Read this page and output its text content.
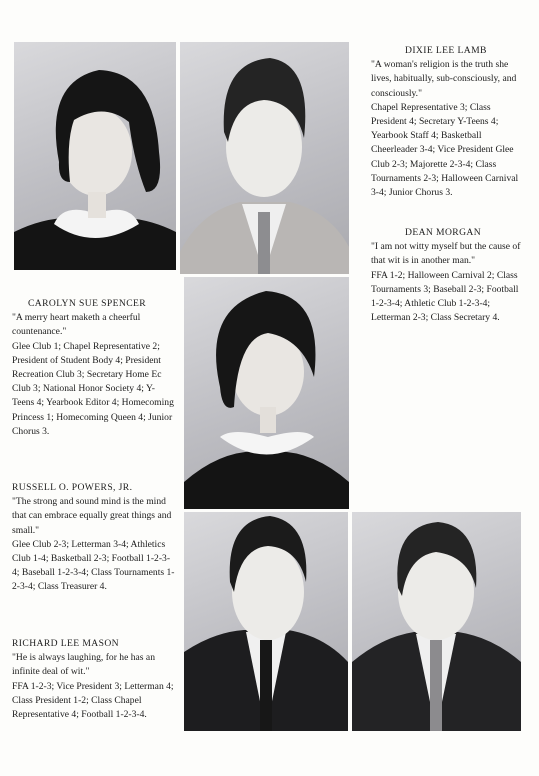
DIXIE LEE LAMB
"A woman's religion is the truth she lives, habitually, sub-consciously, and consciously."
Chapel Representative 3; Class President 4; Secretary Y-Teens 4; Yearbook Staff 4; Basketball Cheerleader 3-4; Vice President Glee Club 2-3; Majorette 2-3-4; Class Tournaments 2-3; Halloween Carnival 3-4; Junior Chorus 3.
DEAN MORGAN
"I am not witty myself but the cause of that wit is in another man."
FFA 1-2; Halloween Carnival 2; Class Tournaments 3; Baseball 2-3; Football 1-2-3-4; Athletic Club 1-2-3-4; Letterman 2-3; Class Secretary 4.
CAROLYN SUE SPENCER
"A merry heart maketh a cheerful countenance."
Glee Club 1; Chapel Representative 2; President of Student Body 4; President Recreation Club 3; Secretary Home Ec Club 3; National Honor Society 4; Y-Teens 4; Yearbook Editor 4; Homecoming Princess 1; Homecoming Queen 4; Junior Chorus 3.
RUSSELL O. POWERS, JR.
"The strong and sound mind is the mind that can embrace equally great things and small."
Glee Club 2-3; Letterman 3-4; Athletics Club 1-4; Basketball 2-3; Football 1-2-3-4; Baseball 1-2-3-4; Class Tournaments 1-2-3-4; Class Treasurer 4.
RICHARD LEE MASON
"He is always laughing, for he has an infinite deal of wit."
FFA 1-2-3; Vice President 3; Letterman 4; Class President 1-2; Class Chapel Representative 4; Football 1-2-3-4.
